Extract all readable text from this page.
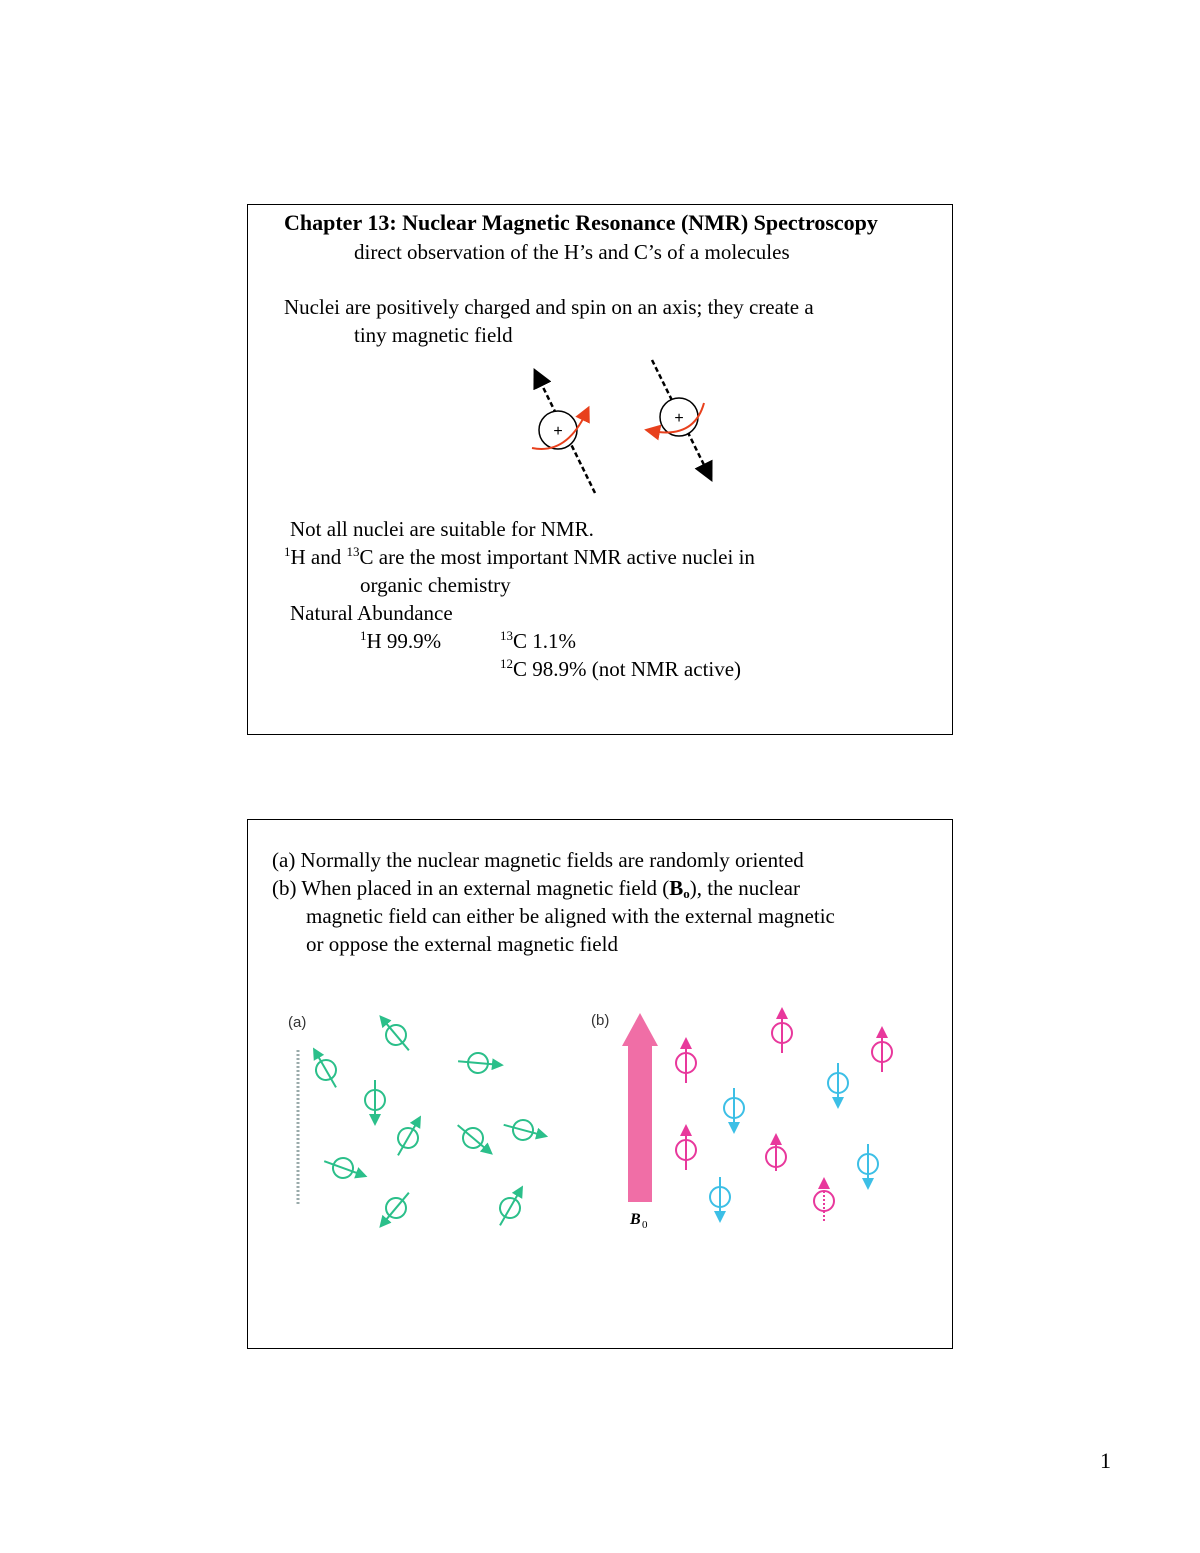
Chapter 13: Nuclear Magnetic Resonance (NMR) Spectroscopy
direct observation of the H’s and C’s of a molecules
Nuclei are positively charged and spin on an axis; they create a
tiny magnetic field
+
+
Not all nuclei are suitable for NMR.
$^1$H and $^{13}$C are the most important NMR active nuclei in
organic chemistry
Natural Abundance
$^1$H 99.9%	$^{13}$C 1.1%
$^{12}$C 98.9% (not NMR active)
(a) Normally the nuclear magnetic fields are randomly oriented
(b) When placed in an external magnetic field $(B_o)$, the nuclear
magnetic field can either be aligned with the external magnetic
or oppose the external magnetic field
(a)	(b)
B 0
1
